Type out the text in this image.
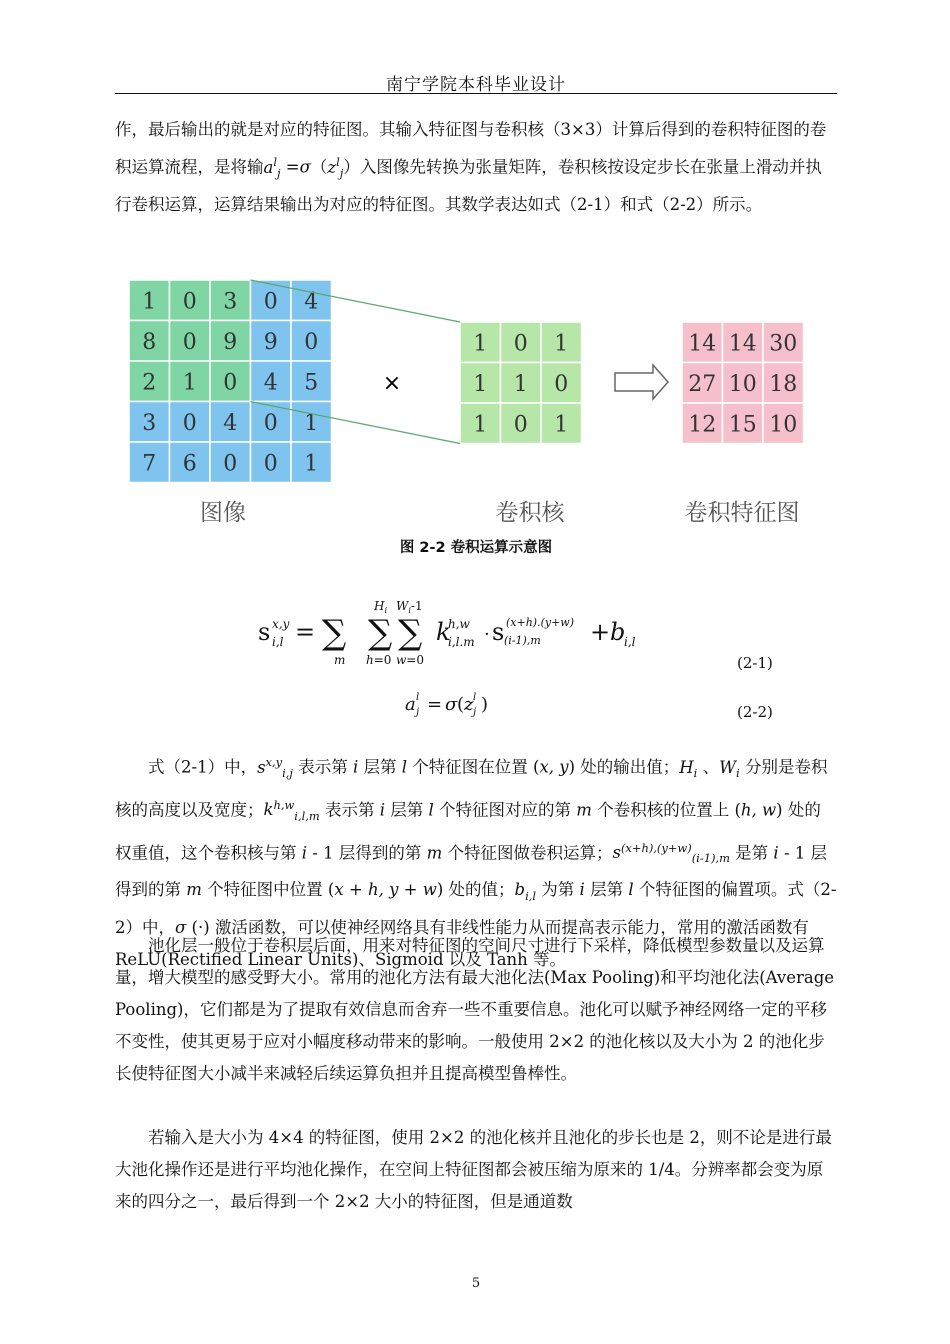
南宁学院本科毕业设计

作，最后输出的就是对应的特征图。其输入特征图与卷积核（3×3）计算后得到的卷积特征图的卷积运算流程，是将输$a^l_j =\sigma(z^l_j)$入图像先转换为张量矩阵，卷积核按设定步长在张量上滑动并执行卷积运算，运算结果输出为对应的特征图。其数学表达如式（2-1）和式（2-2）所示。

1 0 3 0 4
8 0 9 9 0
2 1 0 4 5
3 0 4 0 1
7 6 0 0 1
1 0 1
1 1 0
1 0 1
14 14 30
27 10 18
12 15 10
×
图像	卷积核	卷积特征图
图 2-2 卷积运算示意图
s x,y
i,l = ∑
m
∑
$H_i$
h=0
∑
$W_i-1$
w=0
k
h,w
i,l.m · s (x+h).(y+w)
(i-1),m + b
i,l
(2-1)
a l
j = σ ( z l
j )	(2-2)

式（2-1）中，$s^{x,y}_{i,j}$ 表示第 i 层第 l 个特征图在位置 (x, y) 处的输出值；$H_i$ 、$W_i$ 分别是卷积核的高度以及宽度；$k^{h,w}_{i,l,m}$ 表示第 i 层第 l 个特征图对应的第 m 个卷积核的位置上 (h, w) 处的权重值，这个卷积核与第 i - 1 层得到的第 m 个特征图做卷积运算；$s^{(x+h),(y+w)}_{(i-1),m}$ 是第 i - 1 层得到的第 m 个特征图中位置 (x + h, y + w) 处的值；$b_{i,l}$ 为第 i 层第 l 个特征图的偏置项。式（2-2）中，σ (·) 激活函数，可以使神经网络具有非线性能力从而提高表示能力，常用的激活函数有 ReLU(Rectified Linear Units)、Sigmoid 以及 Tanh 等。

池化层一般位于卷积层后面，用来对特征图的空间尺寸进行下采样，降低模型参数量以及运算量，增大模型的感受野大小。常用的池化方法有最大池化法(Max Pooling)和平均池化法(Average Pooling)，它们都是为了提取有效信息而舍弃一些不重要信息。池化可以赋予神经网络一定的平移不变性，使其更易于应对小幅度移动带来的影响。一般使用 2×2 的池化核以及大小为 2 的池化步长使特征图大小减半来减轻后续运算负担并且提高模型鲁棒性。

若输入是大小为 4×4 的特征图，使用 2×2 的池化核并且池化的步长也是 2，则不论是进行最大池化操作还是进行平均池化操作，在空间上特征图都会被压缩为原来的 1/4。分辨率都会变为原来的四分之一，最后得到一个 2×2 大小的特征图，但是通道数

5
